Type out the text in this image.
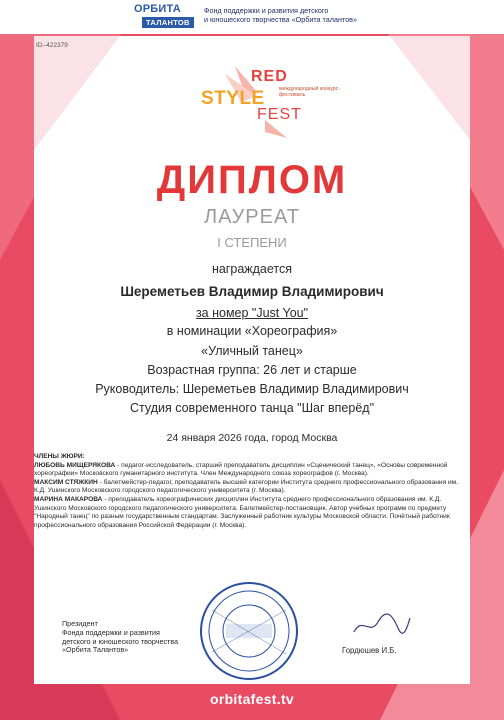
ОРБИТА
ТАЛАНТОВ
Фонд поддержки и развития детского
и юношеского творчества «Орбита талантов»
ID–422379
RED
STYLE	международный конкурс-фестиваль
FEST
ДИПЛОМ
ЛАУРЕАТ
I СТЕПЕНИ
награждается
Шереметьев Владимир Владимирович
за номер "Just You"
в номинации «Хореография»
«Уличный танец»
Возрастная группа: 26 лет и старше
Руководитель: Шереметьев Владимир Владимирович
Студия современного танца "Шаг вперёд"
24 января 2026 года, город Москва
ЧЛЕНЫ ЖЮРИ:

ЛЮБОВЬ МИЩЕРЯКОВА - педагог-исследователь, старший преподаватель дисциплин «Сценический танец», «Основы современной хореографии» Московского гуманитарного института. Член Международного союза хореографов (г. Москва).

МАКСИМ СТЯЖКИН - балетмейстер-педагог, преподаватель высшей категории Института среднего профессионального образования им. К.Д. Ушинского Московского городского педагогического университета (г. Москва).

МАРИНА МАКАРОВА - преподаватель хореографических дисциплин Института среднего профессионального образования им. К.Д. Ушинского Московского городского педагогического университета. Балетмейстер-постановщик. Автор учебных программ по предмету "Народный танец" по разным государственным стандартам. Заслуженный работник культуры Московской области. Почётный работник профессионального образования Российской Федерации (г. Москва).

Президент
Фонда поддержки и развития
детского и юношеского творчества
«Орбита Талантов»	Гордюшев И.Б.
orbitafest.tv
